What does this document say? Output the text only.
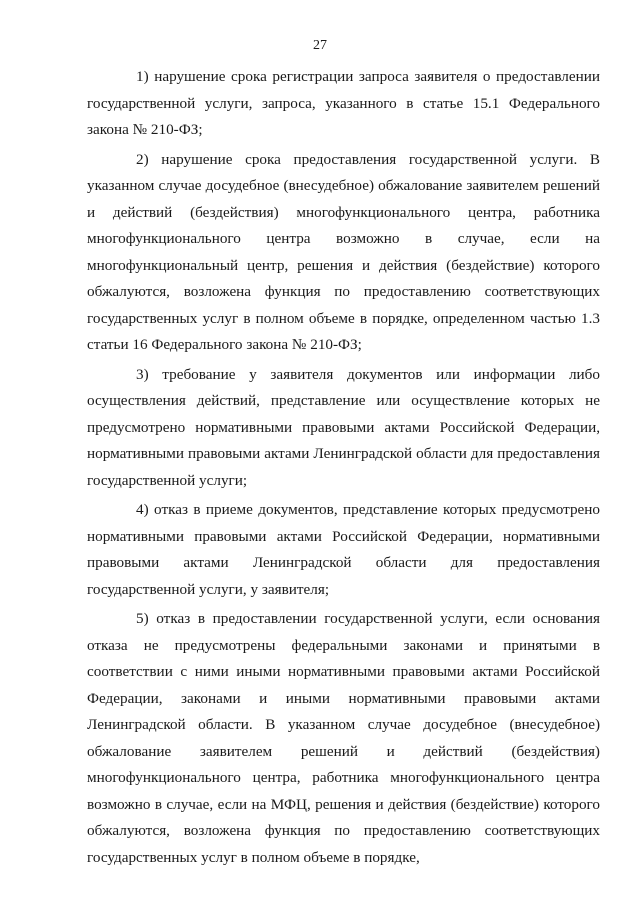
27

1) нарушение срока регистрации запроса заявителя о предоставлении государственной услуги, запроса, указанного в статье 15.1 Федерального закона № 210-ФЗ;

2) нарушение срока предоставления государственной услуги. В указанном случае досудебное (внесудебное) обжалование заявителем решений и действий (бездействия) многофункционального центра, работника многофункционального центра возможно в случае, если на многофункциональный центр, решения и действия (бездействие) которого обжалуются, возложена функция по предоставлению соответствующих государственных услуг в полном объеме в порядке, определенном частью 1.3 статьи 16 Федерального закона № 210-ФЗ;

3) требование у заявителя документов или информации либо осуществления действий, представление или осуществление которых не предусмотрено нормативными правовыми актами Российской Федерации, нормативными правовыми актами Ленинградской области для предоставления государственной услуги;

4) отказ в приеме документов, представление которых предусмотрено нормативными правовыми актами Российской Федерации, нормативными правовыми актами Ленинградской области для предоставления государственной услуги, у заявителя;

5) отказ в предоставлении государственной услуги, если основания отказа не предусмотрены федеральными законами и принятыми в соответствии с ними иными нормативными правовыми актами Российской Федерации, законами и иными нормативными правовыми актами Ленинградской области. В указанном случае досудебное (внесудебное) обжалование заявителем решений и действий (бездействия) многофункционального центра, работника многофункционального центра возможно в случае, если на МФЦ, решения и действия (бездействие) которого обжалуются, возложена функция по предоставлению соответствующих государственных услуг в полном объеме в порядке,
